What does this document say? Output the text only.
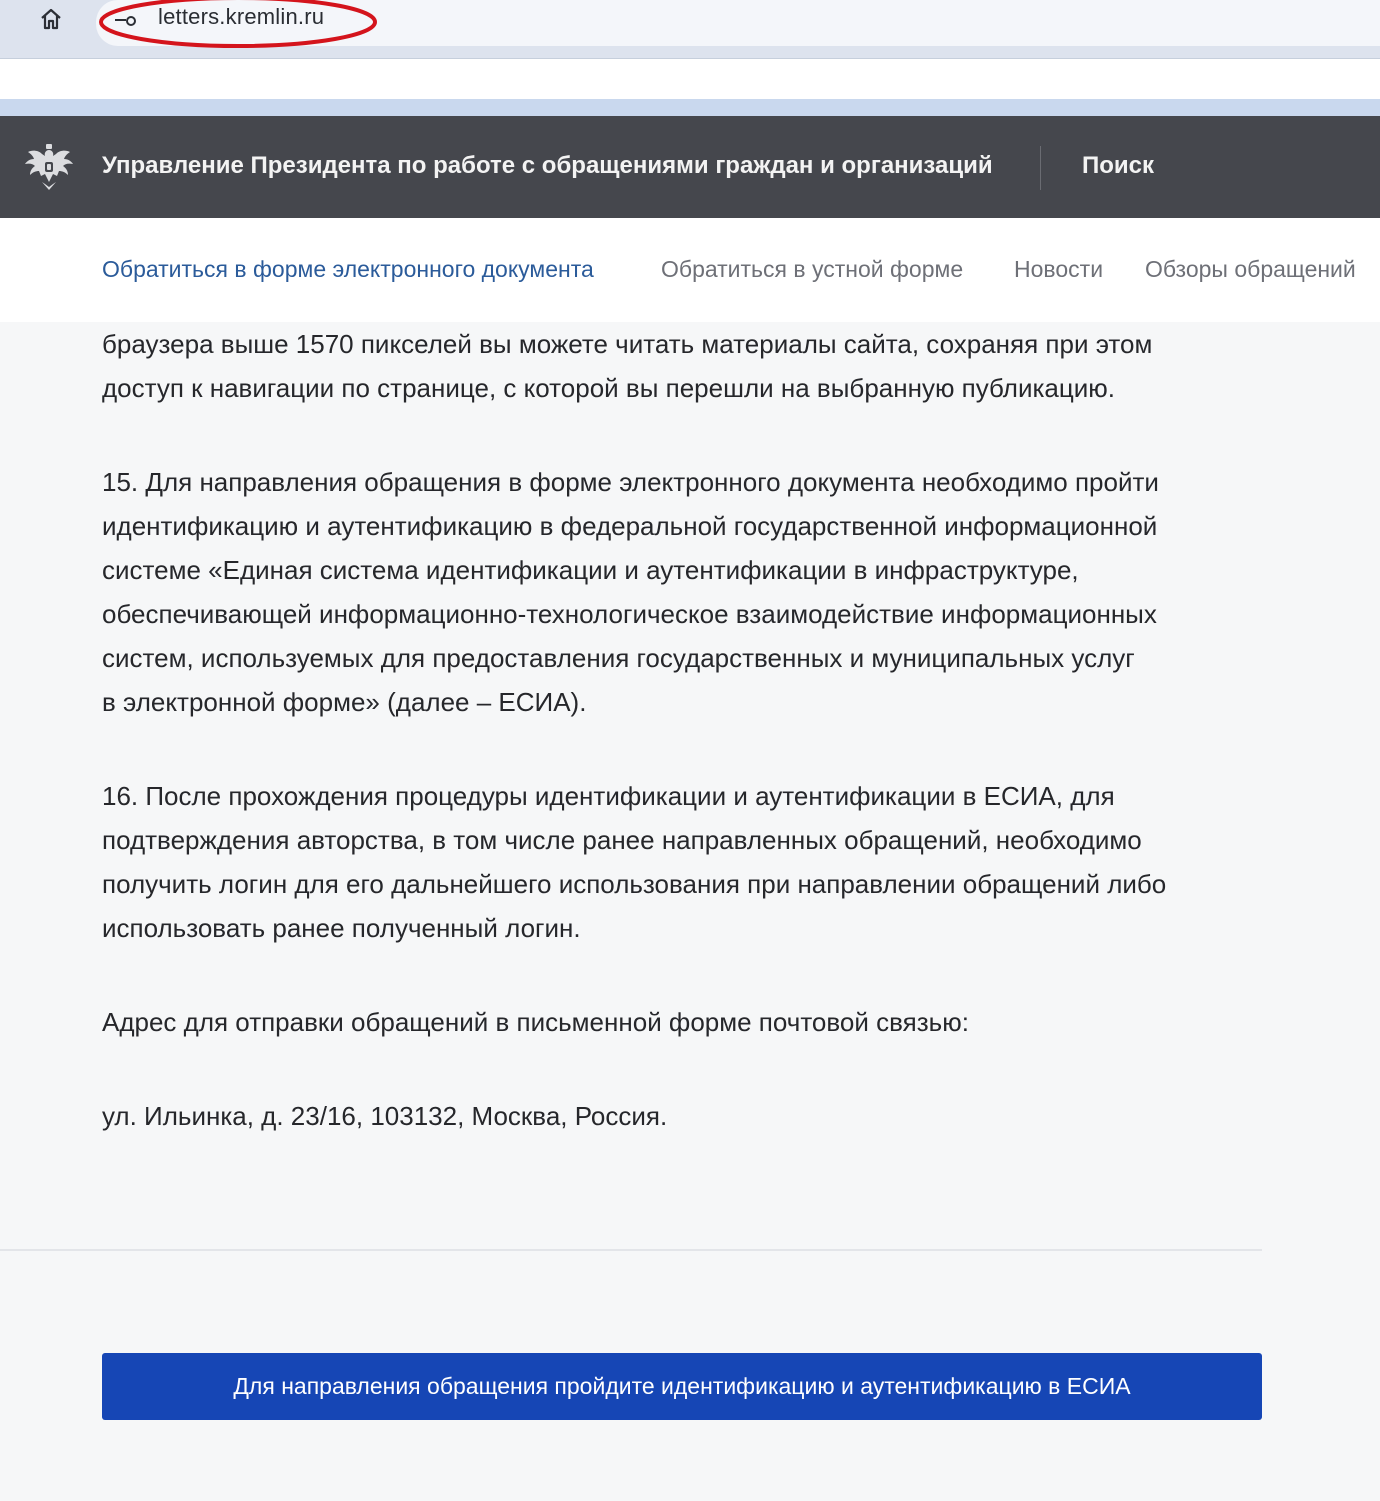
letters.kremlin.ru
Управление Президента по работе с обращениями граждан и организаций	Поиск
Обратиться в форме электронного документа	Обратиться в устной форме Новости Обзоры обращений

браузера выше 1570 пикселей вы можете читать материалы сайта, сохраняя при этом
доступ к навигации по странице, с которой вы перешли на выбранную публикацию.

15. Для направления обращения в форме электронного документа необходимо пройти
идентификацию и аутентификацию в федеральной государственной информационной
системе «Единая система идентификации и аутентификации в инфраструктуре,
обеспечивающей информационно-технологическое взаимодействие информационных
систем, используемых для предоставления государственных и муниципальных услуг
в электронной форме» (далее – ЕСИА).

16. После прохождения процедуры идентификации и аутентификации в ЕСИА, для
подтверждения авторства, в том числе ранее направленных обращений, необходимо
получить логин для его дальнейшего использования при направлении обращений либо
использовать ранее полученный логин.

Адрес для отправки обращений в письменной форме почтовой связью:

ул. Ильинка, д. 23/16, 103132, Москва, Россия.

Для направления обращения пройдите идентификацию и аутентификацию в ЕСИА
